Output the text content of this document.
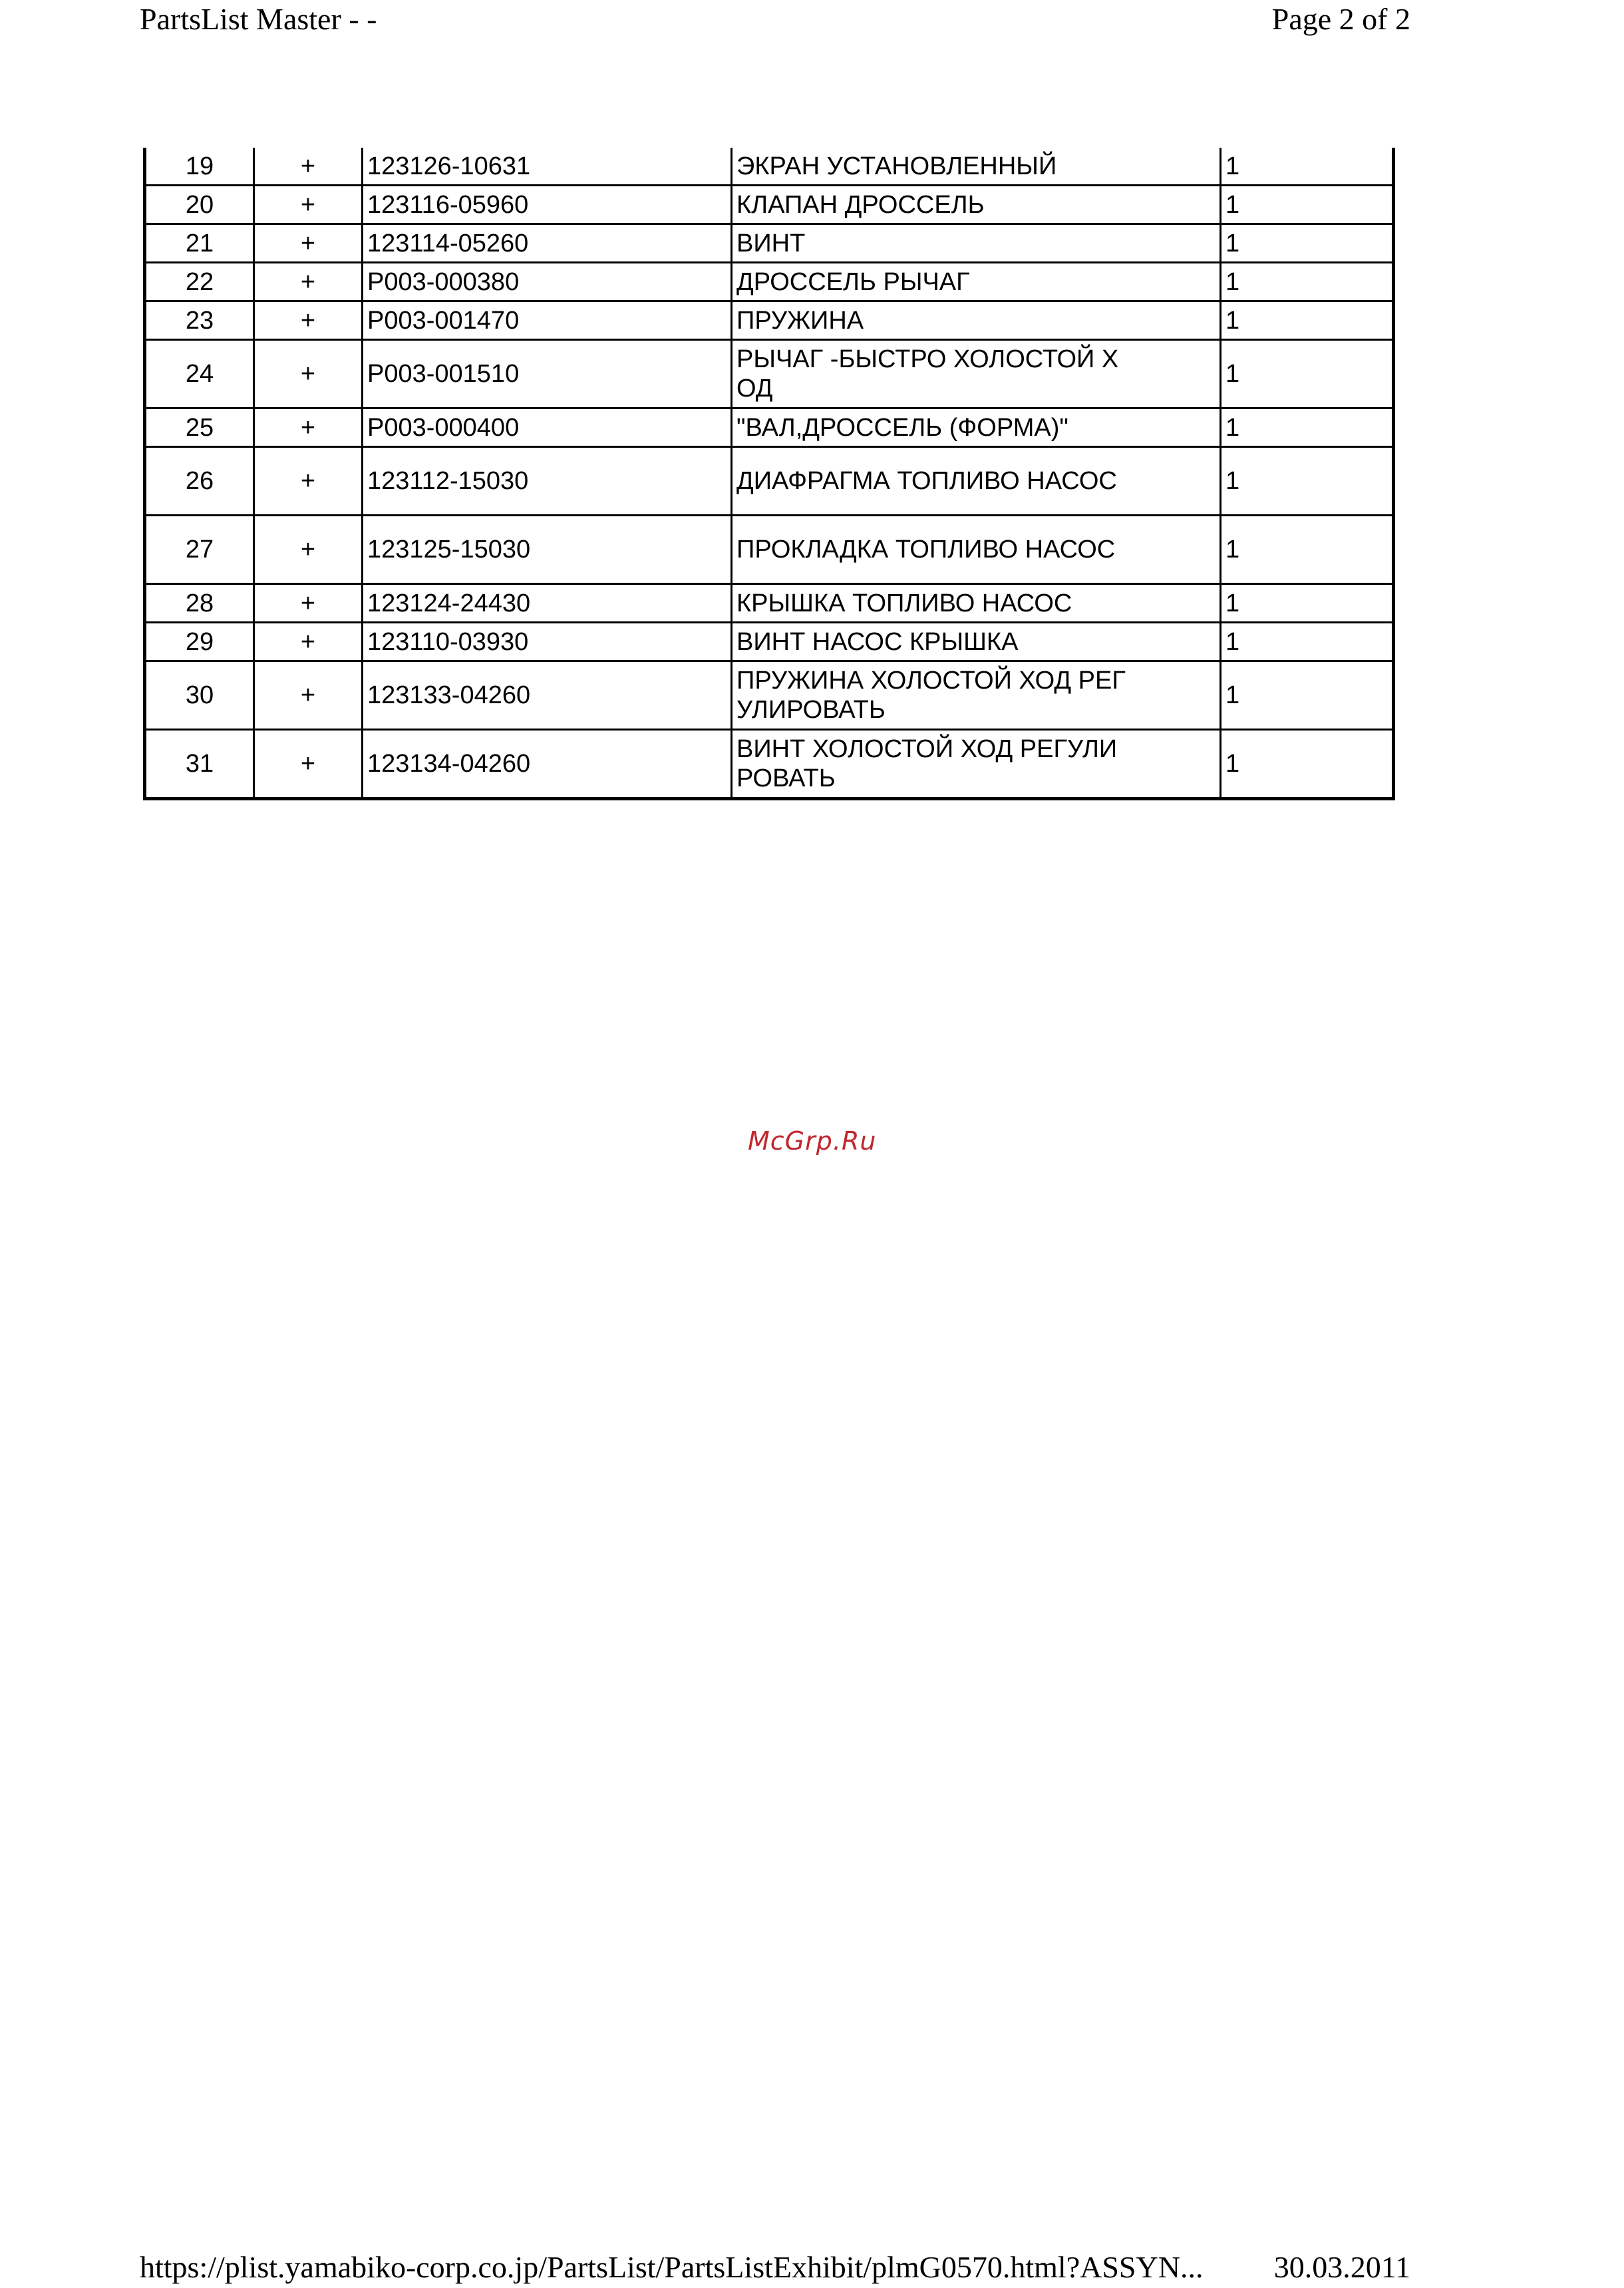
PartsList Master - -	Page 2 of 2
19	+	123126-10631	ЭКРАН УСТАНОВЛЕННЫЙ	1
20	+	123116-05960	КЛАПАН ДРОССЕЛЬ	1
21	+	123114-05260	ВИНТ	1
22	+	P003-000380	ДРОССЕЛЬ РЫЧАГ	1
23	+	P003-001470	ПРУЖИНА	1
24	+	P003-001510	РЫЧАГ -БЫСТРО ХОЛОСТОЙ ХОД	1
25	+	P003-000400	"ВАЛ,ДРОССЕЛЬ (ФОРМА)"	1
26	+	123112-15030	ДИАФРАГМА ТОПЛИВО НАСОС	1
27	+	123125-15030	ПРОКЛАДКА ТОПЛИВО НАСОС	1
28	+	123124-24430	КРЫШКА ТОПЛИВО НАСОС	1
29	+	123110-03930	ВИНТ НАСОС КРЫШКА	1
30	+	123133-04260	ПРУЖИНА ХОЛОСТОЙ ХОД РЕГУЛИРОВАТЬ	1
31	+	123134-04260	ВИНТ ХОЛОСТОЙ ХОД РЕГУЛИРОВАТЬ	1
McGrp.Ru
https://plist.yamabiko-corp.co.jp/PartsList/PartsListExhibit/plmG0570.html?ASSYN... 30.03.2011
